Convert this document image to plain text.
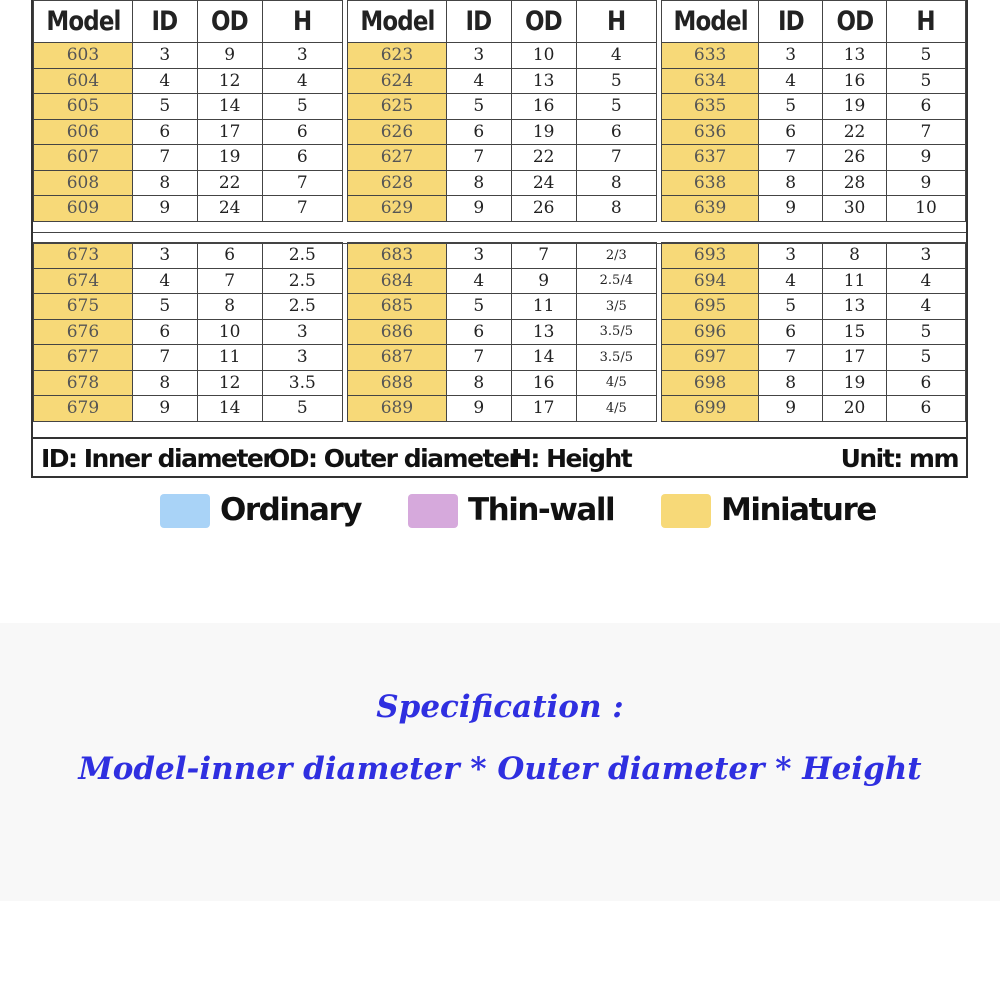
Model	ID	OD	H
603	3	9	3
604	4	12	4
605	5	14	5
606	6	17	6
607	7	19	6
608	8	22	7
609	9	24	7
Model	ID	OD	H
623	3	10	4
624	4	13	5
625	5	16	5
626	6	19	6
627	7	22	7
628	8	24	8
629	9	26	8
Model	ID	OD	H
633	3	13	5
634	4	16	5
635	5	19	6
636	6	22	7
637	7	26	9
638	8	28	9
639	9	30	10
673	3	6	2.5
674	4	7	2.5
675	5	8	2.5
676	6	10	3
677	7	11	3
678	8	12	3.5
679	9	14	5
683	3	7	2/3
684	4	9	2.5/4
685	5	11	3/5
686	6	13	3.5/5
687	7	14	3.5/5
688	8	16	4/5
689	9	17	4/5
693	3	8	3
694	4	11	4
695	5	13	4
696	6	15	5
697	7	17	5
698	8	19	6
699	9	20	6
ID: Inner diameter
OD: Outer diameter
H: Height	Unit: mm
Ordinary	Thin-wall	Miniature
Specification :
Model-inner diameter * Outer diameter * Height
